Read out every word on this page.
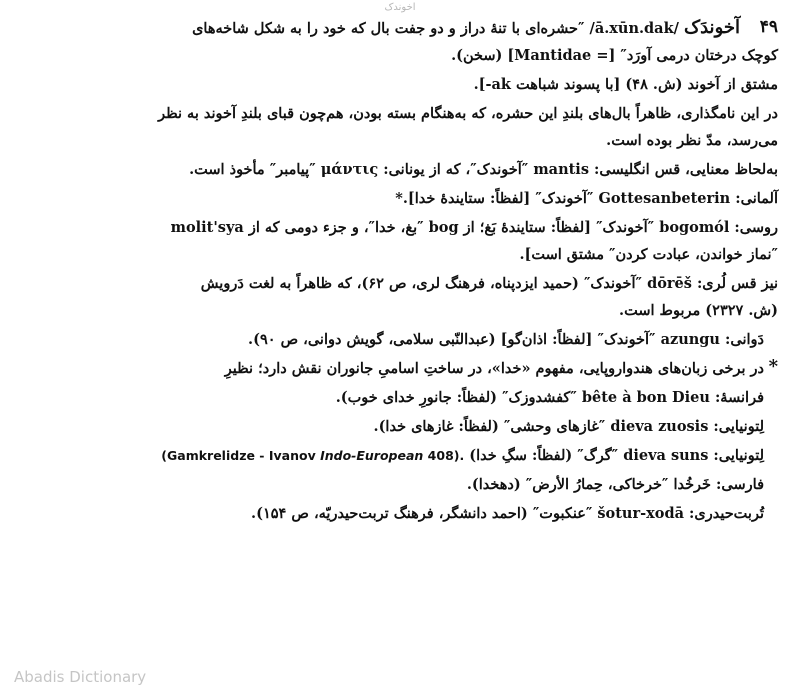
اخوندک
۴۹
آخوندَک /ā.xūn.dak/ ″حشره‌ای با تنهٔ دراز و دو جفت بال که خود را به شکل شاخه‌های

کوچک درختان درمی آورَد″ [= Mantidae] (سخن).

مشتق از آخوند (ش. ۴۸) [با پسوند شباهت ak-].

در این نامگذاری، ظاهراً بال‌های بلندِ این حشره، که به‌هنگام بسته بودن، هم‌چون قبای بلندِ آخوند به نظر
می‌رسد، مدّ نظر بوده است.

به‌لحاظ معنایی، قس انگلیسی: mantis ″آخوندک″، که از یونانی: μάντις ″پیامبر″ مأخوذ است.

آلمانی: Gottesanbeterin ″آخوندک″ [لفظاً: ستایندهٔ خدا].*

روسی: bogomól ″آخوندک″ [لفظاً: ستایندهٔ بَغ؛ از bog ″بغ، خدا″، و جزء دومی که از molit'sya
″نماز خواندن، عبادت کردن″ مشتق است].

نیز قس لُری: dōrēš ″آخوندک″ (حمید ایزدپناه، فرهنگ لری، ص ۶۲)، که ظاهراً به لغت دَرویش
(ش. ۲۳۲۷) مربوط است.

دَوانی: azungu ″آخوندک″ [لفظاً: اذان‌گو] (عبدالنّبی سلامی، گویش دوانی، ص ۹۰).

*
در برخی زبان‌های هندواروپایی، مفهوم «خدا»، در ساختِ اسامیِ جانوران نقش دارد؛ نظیرِ

فرانسهٔ: bête à bon Dieu ″کفشدوزک″ (لفظاً: جانورِ خدای خوب).

لِتونیایی: dieva zuosis ″غازهای وحشی″ (لفظاً: غازهای خدا).

لِتونیایی: dieva suns ″گرگ″ (لفظاً: سگِ خدا) (Gamkrelidze - Ivanov Indo-European 408).

فارسی: خَرخُدا ″خرخاکی، حِمارُ الأرض″ (دهخدا).

تُربت‌حیدری: šotur-xodā ″عنکبوت″ (احمد دانشگر، فرهنگ تربت‌حیدریّه، ص ۱۵۴).

Abadis Dictionary
